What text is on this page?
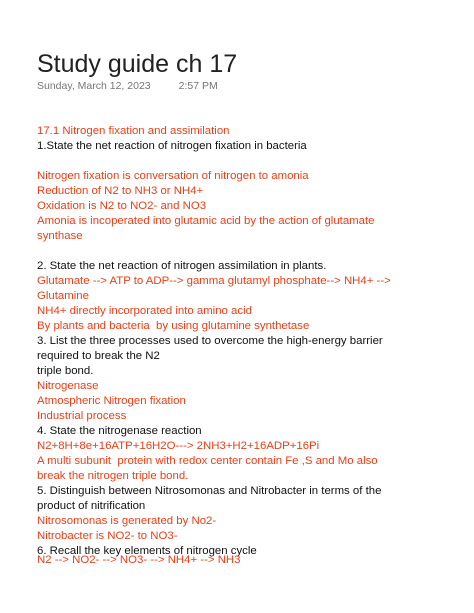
Study guide ch 17
Sunday, March 12, 2023	2:57 PM

17.1 Nitrogen fixation and assimilation

1.State the net reaction of nitrogen fixation in bacteria

Nitrogen fixation is conversation of nitrogen to amonia

Reduction of N2 to NH3 or NH4+

Oxidation is N2 to NO2- and NO3

Amonia is incoperated into glutamic acid by the action of glutamate

synthase

2. State the net reaction of nitrogen assimilation in plants.

Glutamate --> ATP to ADP--> gamma glutamyl phosphate--> NH4+ -->

Glutamine

NH4+ directly incorporated into amino acid

By plants and bacteria  by using glutamine synthetase

3. List the three processes used to overcome the high-energy barrier

required to break the N2

triple bond.

Nitrogenase

Atmospheric Nitrogen fixation

Industrial process

4. State the nitrogenase reaction

N2+8H+8e+16ATP+16H2O---> 2NH3+H2+16ADP+16Pi

A multi subunit  protein with redox center contain Fe ,S and Mo also

break the nitrogen triple bond.

5. Distinguish between Nitrosomonas and Nitrobacter in terms of the

product of nitrification

Nitrosomonas is generated by No2-

Nitrobacter is NO2- to NO3-

6. Recall the key elements of nitrogen cycle

N2 --> NO2- --> NO3- --> NH4+ --> NH3
